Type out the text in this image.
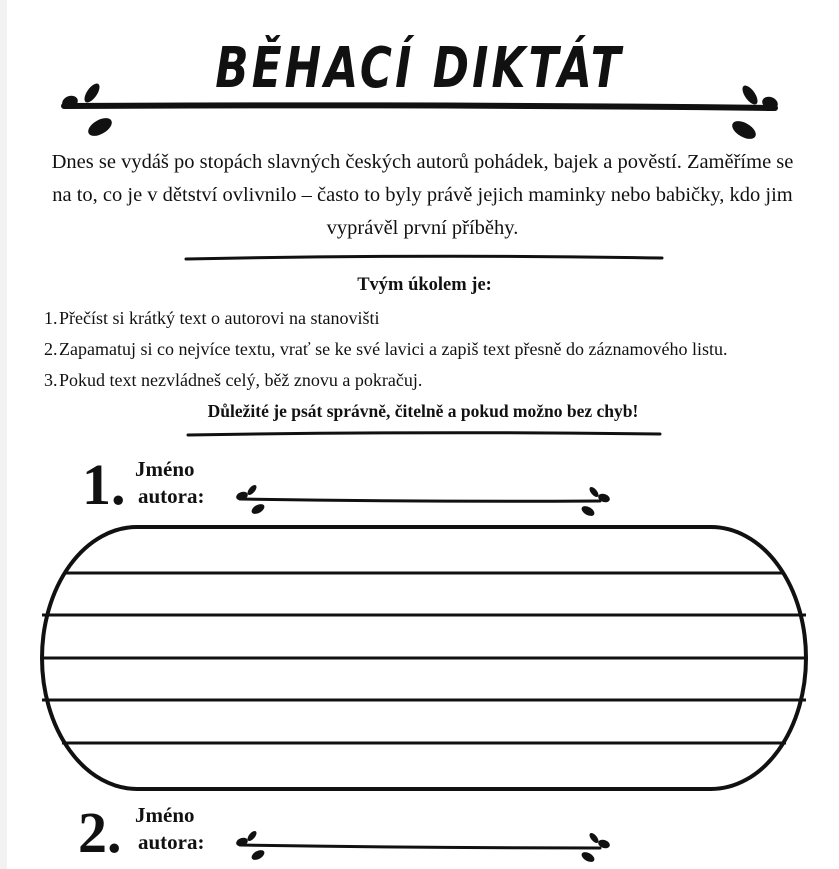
BĚHACÍ DIKTÁT

Dnes se vydáš po stopách slavných českých autorů pohádek, bajek a pověstí. Zaměříme se na to, co je v dětství ovlivnilo – často to byly právě jejich maminky nebo babičky, kdo jim vyprávěl první příběhy.

Tvým úkolem je:

1.Přečíst si krátký text o autorovi na stanovišti
2.Zapamatuj si co nejvíce textu, vrať se ke své lavici a zapiš text přesně do záznamového listu.
3.Pokud text nezvládneš celý, běž znovu a pokračuj.

Důležité je psát správně, čitelně a pokud možno bez chyb!

1. Jméno
autora:
2. Jméno
autora:
